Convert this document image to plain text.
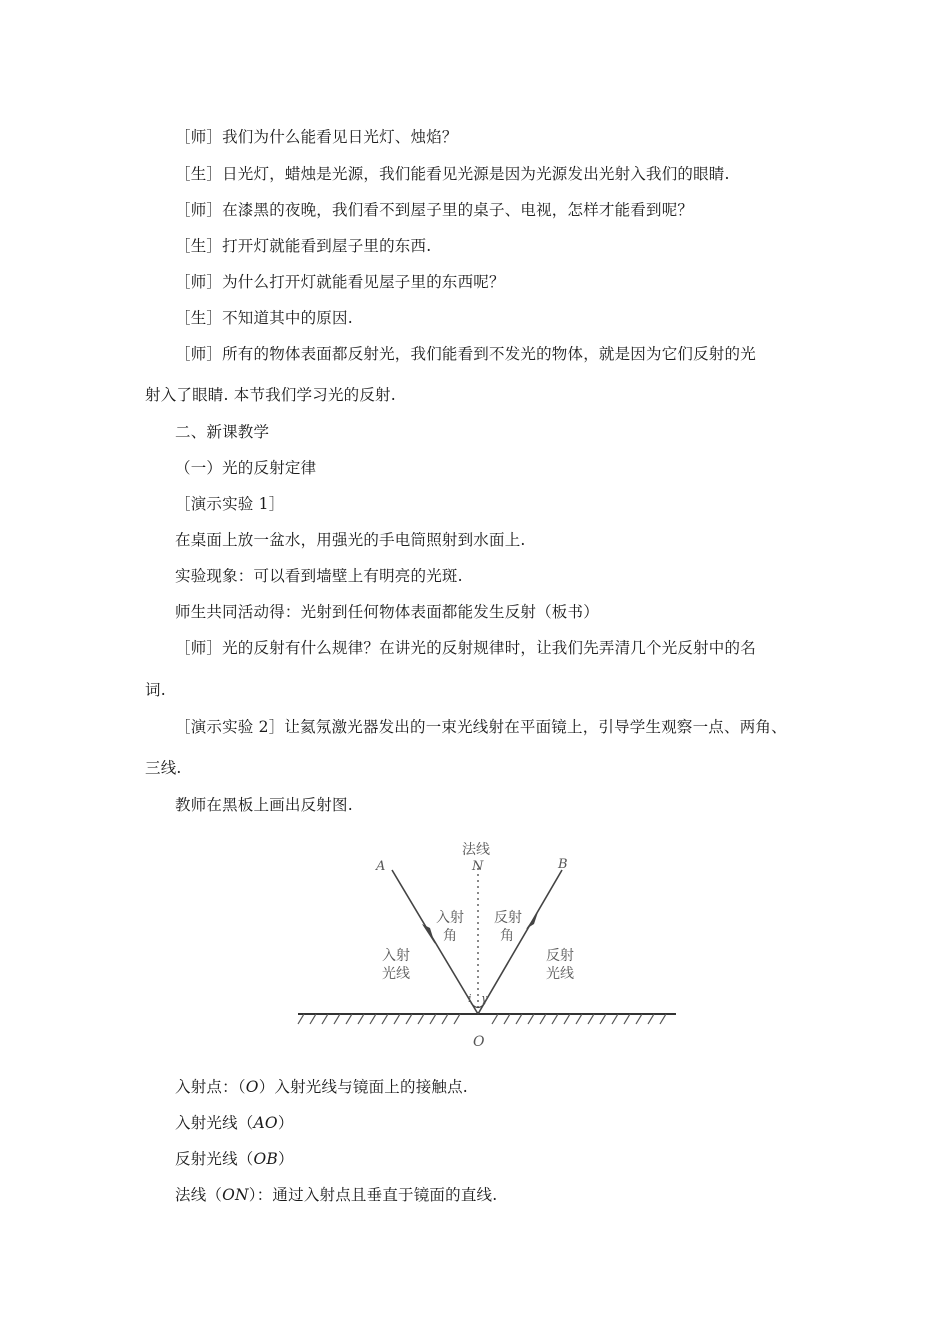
［师］我们为什么能看见日光灯、烛焰？
［生］日光灯，蜡烛是光源，我们能看见光源是因为光源发出光射入我们的眼睛.
［师］在漆黑的夜晚，我们看不到屋子里的桌子、电视，怎样才能看到呢？
［生］打开灯就能看到屋子里的东西.
［师］为什么打开灯就能看见屋子里的东西呢？
［生］不知道其中的原因.
［师］所有的物体表面都反射光，我们能看到不发光的物体，就是因为它们反射的光
射入了眼睛. 本节我们学习光的反射.
二、新课教学
（一）光的反射定律
［演示实验 1］
在桌面上放一盆水，用强光的手电筒照射到水面上.
实验现象：可以看到墙壁上有明亮的光斑.
师生共同活动得：光射到任何物体表面都能发生反射（板书）
［师］光的反射有什么规律？在讲光的反射规律时，让我们先弄清几个光反射中的名
词.
［演示实验 2］让氦氖激光器发出的一束光线射在平面镜上，引导学生观察一点、两角、
三线.
教师在黑板上画出反射图.
法线
N
A	B
O
i γ
入射
角
反射
角
入射
光线
反射
光线
入射点：（O）入射光线与镜面上的接触点.
入射光线（AO）
反射光线（OB）
法线（ON）：通过入射点且垂直于镜面的直线.
